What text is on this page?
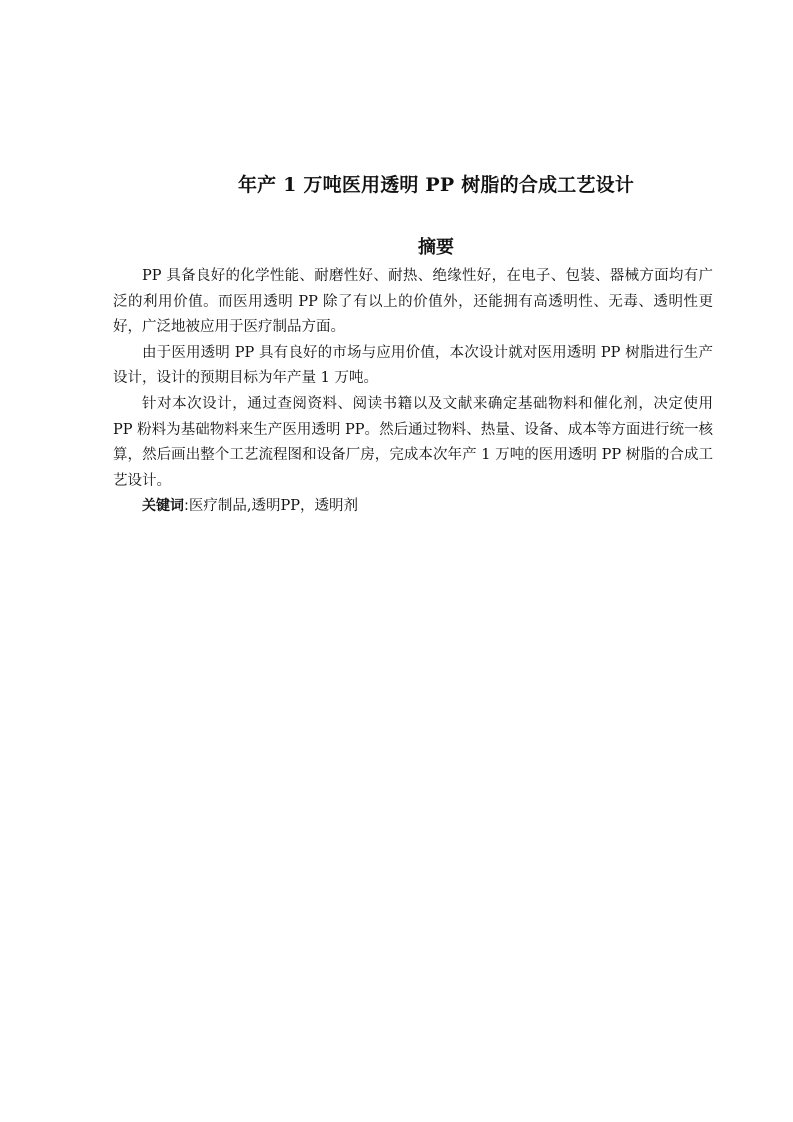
年产 1 万吨医用透明 PP 树脂的合成工艺设计
摘要

PP 具备良好的化学性能、耐磨性好、耐热、绝缘性好，在电子、包装、器械方面均有广泛的利用价值。而医用透明 PP 除了有以上的价值外，还能拥有高透明性、无毒、透明性更好，广泛地被应用于医疗制品方面。

由于医用透明 PP 具有良好的市场与应用价值，本次设计就对医用透明 PP 树脂进行生产设计，设计的预期目标为年产量 1 万吨。

针对本次设计，通过查阅资料、阅读书籍以及文献来确定基础物料和催化剂，决定使用 PP 粉料为基础物料来生产医用透明 PP。然后通过物料、热量、设备、成本等方面进行统一核算，然后画出整个工艺流程图和设备厂房，完成本次年产 1 万吨的医用透明 PP 树脂的合成工艺设计。

关键词:医疗制品,透明PP，透明剂
